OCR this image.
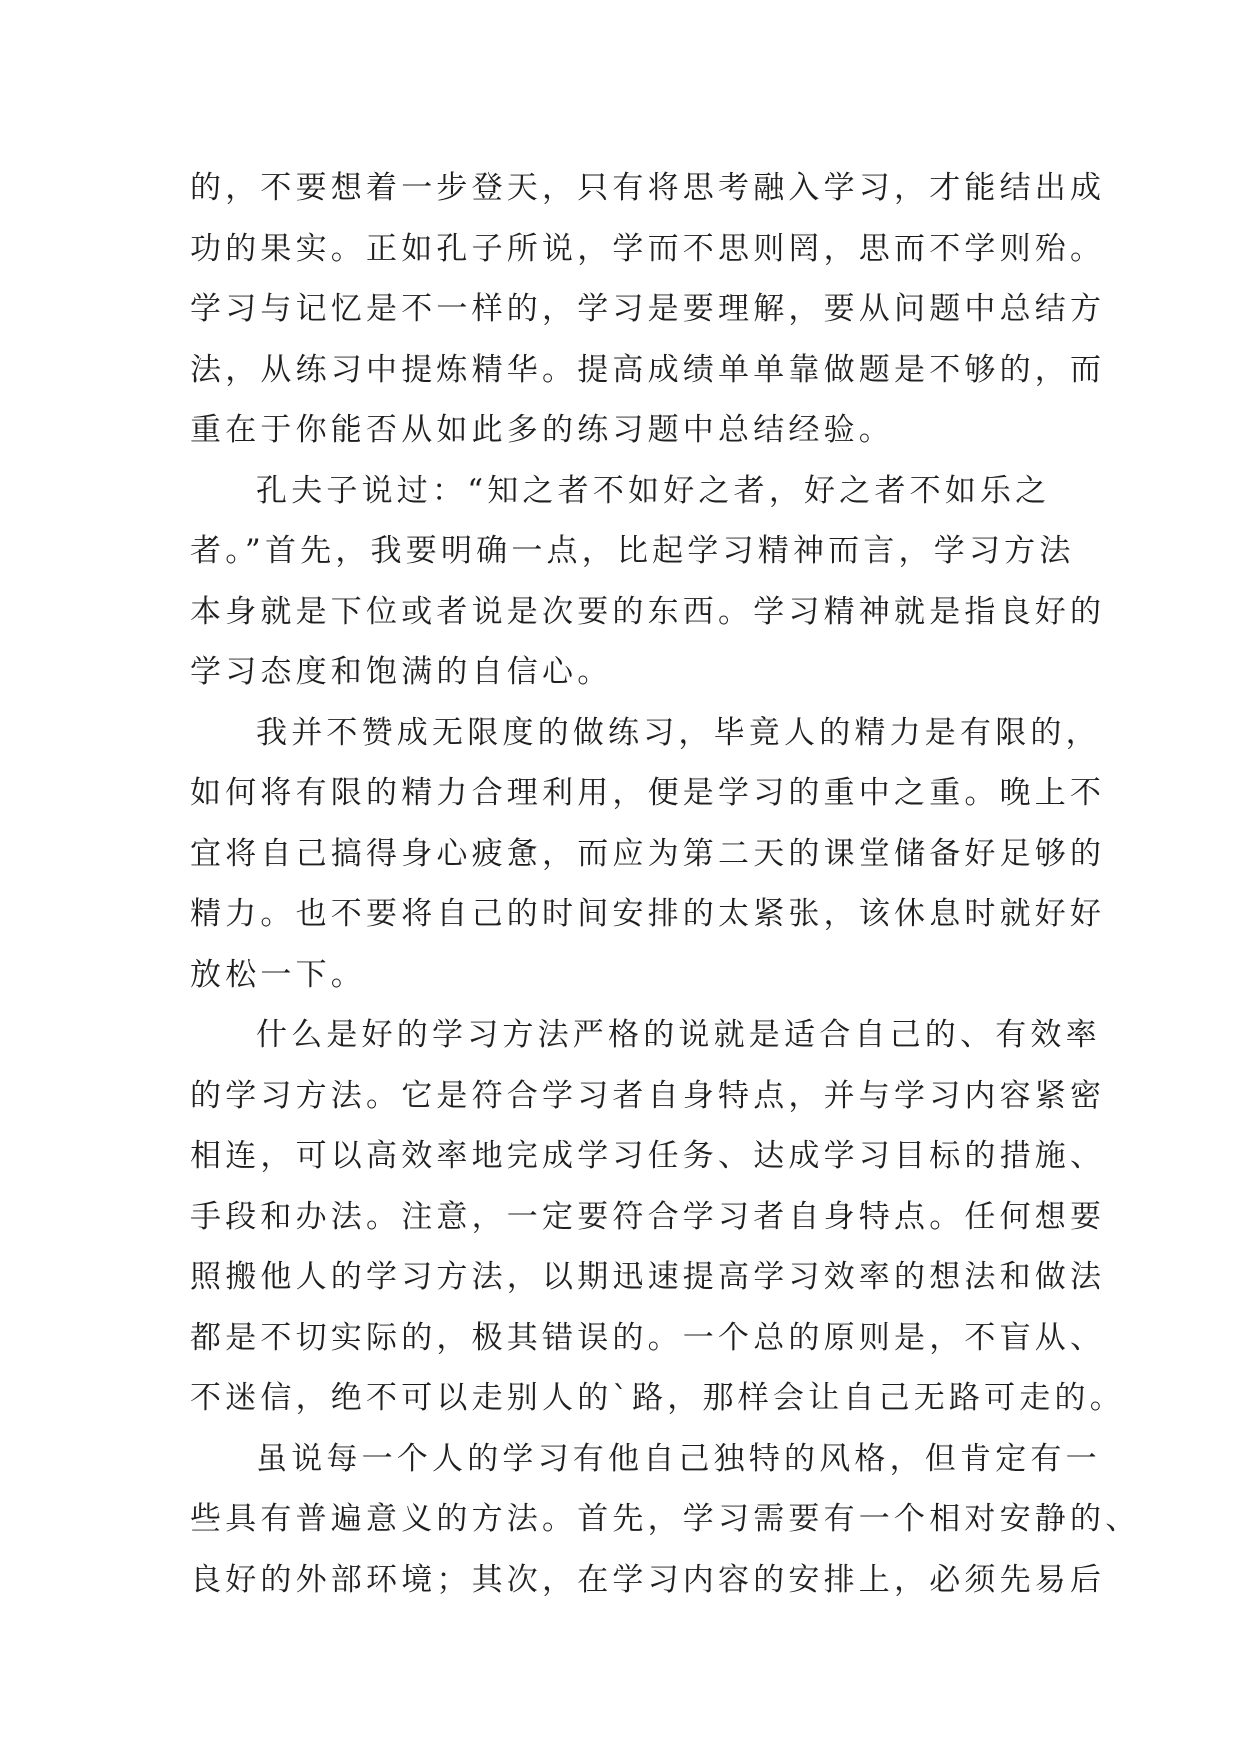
的，不要想着一步登天，只有将思考融入学习，才能结出成
功的果实。正如孔子所说，学而不思则罔，思而不学则殆。
学习与记忆是不一样的，学习是要理解，要从问题中总结方
法，从练习中提炼精华。提高成绩单单靠做题是不够的，而
重在于你能否从如此多的练习题中总结经验。
孔夫子说过：“知之者不如好之者，好之者不如乐之
者。”首先，我要明确一点，比起学习精神而言，学习方法
本身就是下位或者说是次要的东西。学习精神就是指良好的
学习态度和饱满的自信心。
我并不赞成无限度的做练习，毕竟人的精力是有限的，
如何将有限的精力合理利用，便是学习的重中之重。晚上不
宜将自己搞得身心疲惫，而应为第二天的课堂储备好足够的
精力。也不要将自己的时间安排的太紧张，该休息时就好好
放松一下。
什么是好的学习方法严格的说就是适合自己的、有效率
的学习方法。它是符合学习者自身特点，并与学习内容紧密
相连，可以高效率地完成学习任务、达成学习目标的措施、
手段和办法。注意，一定要符合学习者自身特点。任何想要
照搬他人的学习方法，以期迅速提高学习效率的想法和做法
都是不切实际的，极其错误的。一个总的原则是，不盲从、
不迷信，绝不可以走别人的`路，那样会让自己无路可走的。
虽说每一个人的学习有他自己独特的风格，但肯定有一
些具有普遍意义的方法。首先，学习需要有一个相对安静的、
良好的外部环境；其次，在学习内容的安排上，必须先易后
